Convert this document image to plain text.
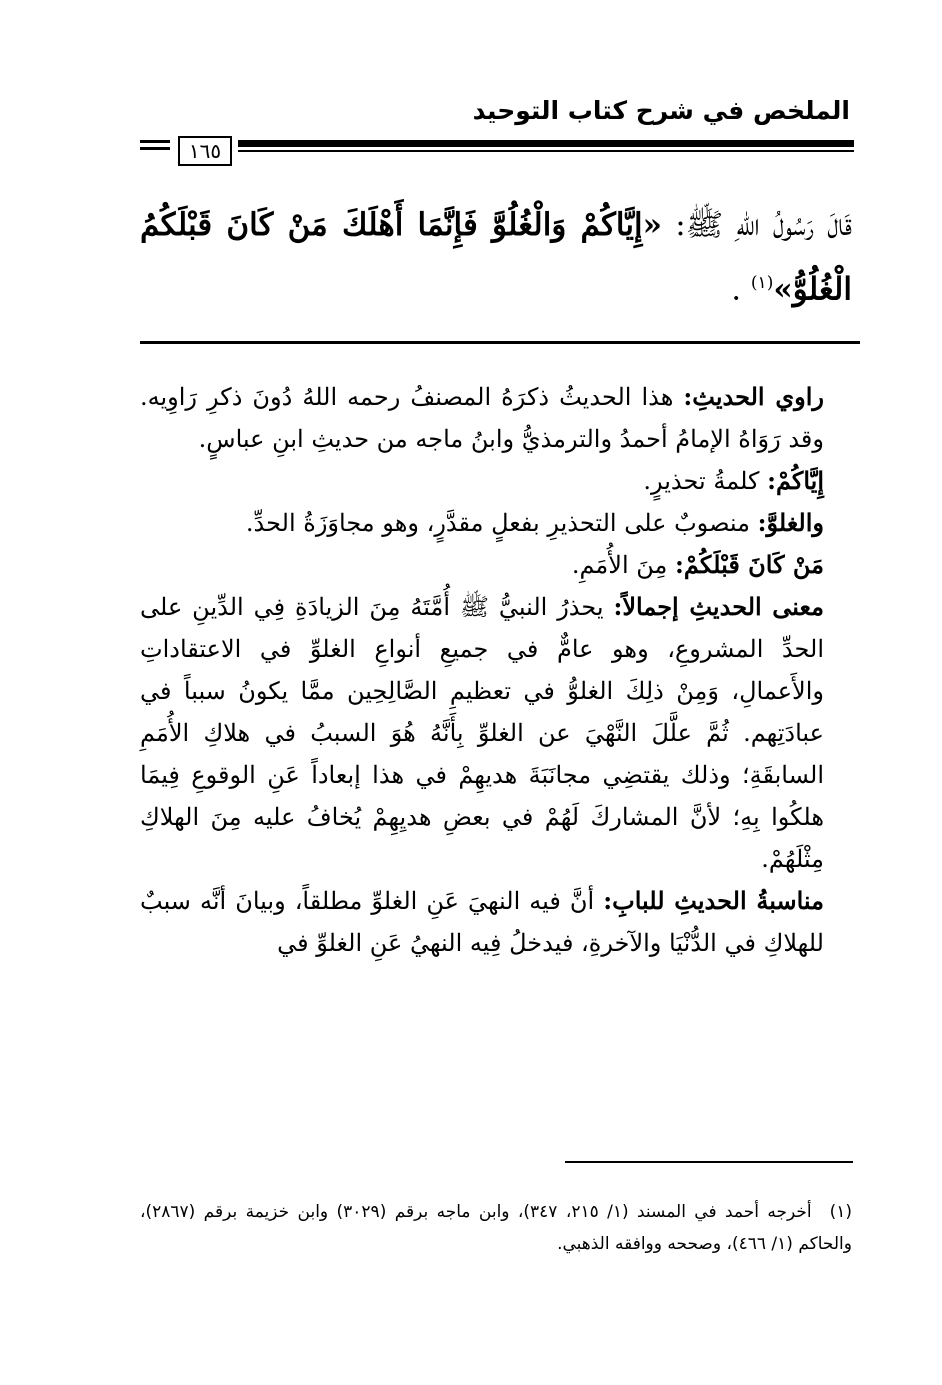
الملخص في شرح كتاب التوحيد
١٦٥
قَالَ رَسُولُ اللهِ ﷺ: «إِيَّاكُمْ وَالْغُلُوَّ فَإِنَّمَا أَهْلَكَ مَنْ كَانَ قَبْلَكُمُ الْغُلُوُّ»$^{(١)}$ .

راوي الحديثِ: هذا الحديثُ ذكرَهُ المصنفُ رحمه اللهُ دُونَ ذكرِ رَاوِيه. وقد رَوَاهُ الإمامُ أحمدُ والترمذيُّ وابنُ ماجه من حديثِ ابنِ عباسٍ.

إِيَّاكُمْ: كلمةُ تحذيرٍ.

والغلوَّ: منصوبٌ على التحذيرِ بفعلٍ مقدَّرٍ، وهو مجاوَزَةُ الحدِّ.

مَنْ كَانَ قَبْلَكُمْ: مِنَ الأُمَمِ.

معنى الحديثِ إجمالاً: يحذرُ النبيُّ ﷺ أُمَّتَهُ مِنَ الزيادَةِ فِي الدِّينِ على الحدِّ المشروعِ، وهو عامٌّ في جميعِ أنواعِ الغلوِّ في الاعتقاداتِ والأَعمالِ، وَمِنْ ذلِكَ الغلوُّ في تعظيمِ الصَّالِحِين ممَّا يكونُ سبباً في عبادَتِهم. ثُمَّ علَّلَ النَّهْيَ عن الغلوِّ بِأَنَّهُ هُوَ السببُ في هلاكِ الأُمَمِ السابقَةِ؛ وذلك يقتضِي مجانَبَةَ هديهِمْ في هذا إبعاداً عَنِ الوقوعِ فِيمَا هلكُوا بِهِ؛ لأنَّ المشاركَ لَهُمْ في بعضِ هديِهِمْ يُخافُ عليه مِنَ الهلاكِ مِثْلَهُمْ.

مناسبةُ الحديثِ للبابِ: أنَّ فيه النهيَ عَنِ الغلوِّ مطلقاً، وبيانَ أنَّه سببٌ للهلاكِ في الدُّنْيَا والآخرةِ، فيدخلُ فِيه النهيُ عَنِ الغلوِّ في

(١)أخرجه أحمد في المسند (١/ ٢١٥، ٣٤٧)، وابن ماجه برقم (٣٠٢٩) وابن خزيمة برقم (٢٨٦٧)، والحاكم (١/ ٤٦٦)، وصححه ووافقه الذهبي.
